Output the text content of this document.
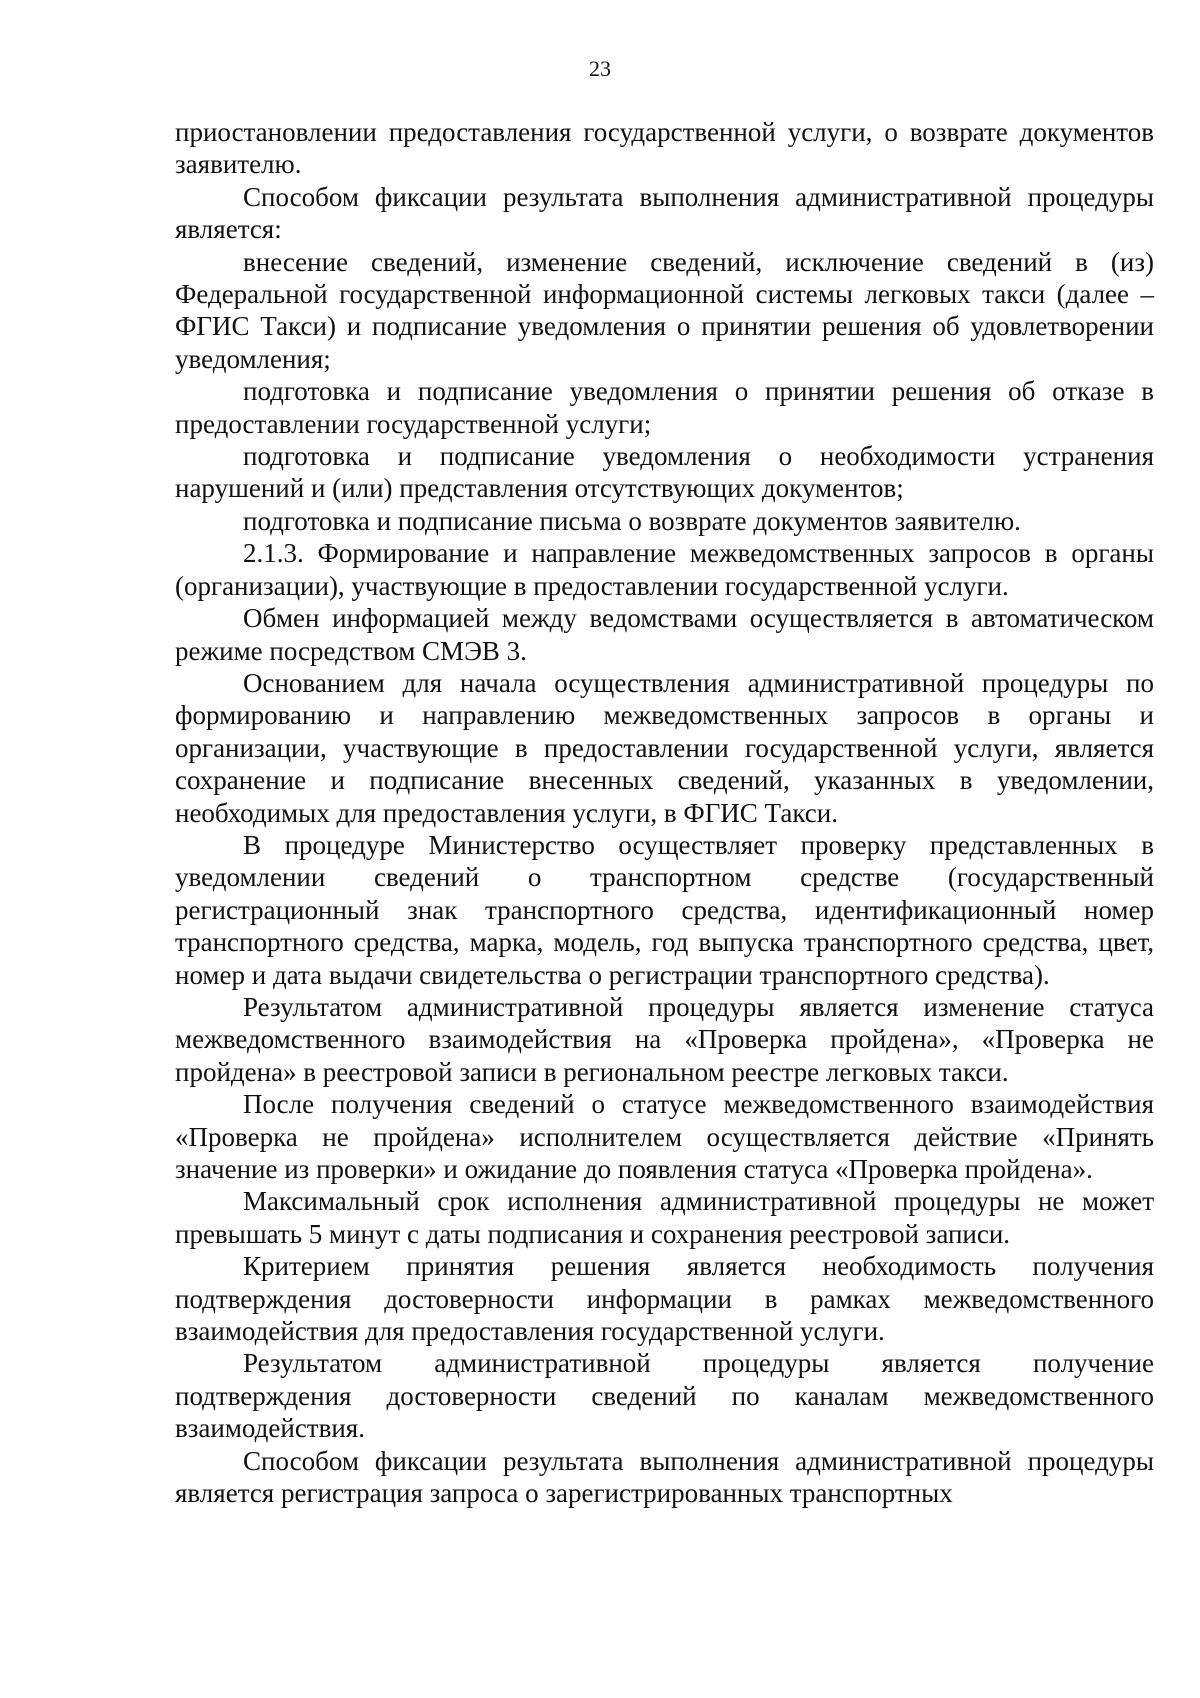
23

приостановлении предоставления государственной услуги, о возврате документов заявителю.

Способом фиксации результата выполнения административной процедуры является:

внесение сведений, изменение сведений, исключение сведений в (из) Федеральной государственной информационной системы легковых такси (далее – ФГИС Такси) и подписание уведомления о принятии решения об удовлетворении уведомления;

подготовка и подписание уведомления о принятии решения об отказе в предоставлении государственной услуги;

подготовка и подписание уведомления о необходимости устранения нарушений и (или) представления отсутствующих документов;

подготовка и подписание письма о возврате документов заявителю.

2.1.3. Формирование и направление межведомственных запросов в органы (организации), участвующие в предоставлении государственной услуги.

Обмен информацией между ведомствами осуществляется в автоматическом режиме посредством СМЭВ 3.

Основанием для начала осуществления административной процедуры по формированию и направлению межведомственных запросов в органы и организации, участвующие в предоставлении государственной услуги, является сохранение и подписание внесенных сведений, указанных в уведомлении, необходимых для предоставления услуги, в ФГИС Такси.

В процедуре Министерство осуществляет проверку представленных в уведомлении сведений о транспортном средстве (государственный регистрационный знак транспортного средства, идентификационный номер транспортного средства, марка, модель, год выпуска транспортного средства, цвет, номер и дата выдачи свидетельства о регистрации транспортного средства).

Результатом административной процедуры является изменение статуса межведомственного взаимодействия на «Проверка пройдена», «Проверка не пройдена» в реестровой записи в региональном реестре легковых такси.

После получения сведений о статусе межведомственного взаимодействия «Проверка не пройдена» исполнителем осуществляется действие «Принять значение из проверки» и ожидание до появления статуса «Проверка пройдена».

Максимальный срок исполнения административной процедуры не может превышать 5 минут с даты подписания и сохранения реестровой записи.

Критерием принятия решения является необходимость получения подтверждения достоверности информации в рамках межведомственного взаимодействия для предоставления государственной услуги.

Результатом административной процедуры является получение подтверждения достоверности сведений по каналам межведомственного взаимодействия.

Способом фиксации результата выполнения административной процедуры является регистрация запроса о зарегистрированных транспортных
